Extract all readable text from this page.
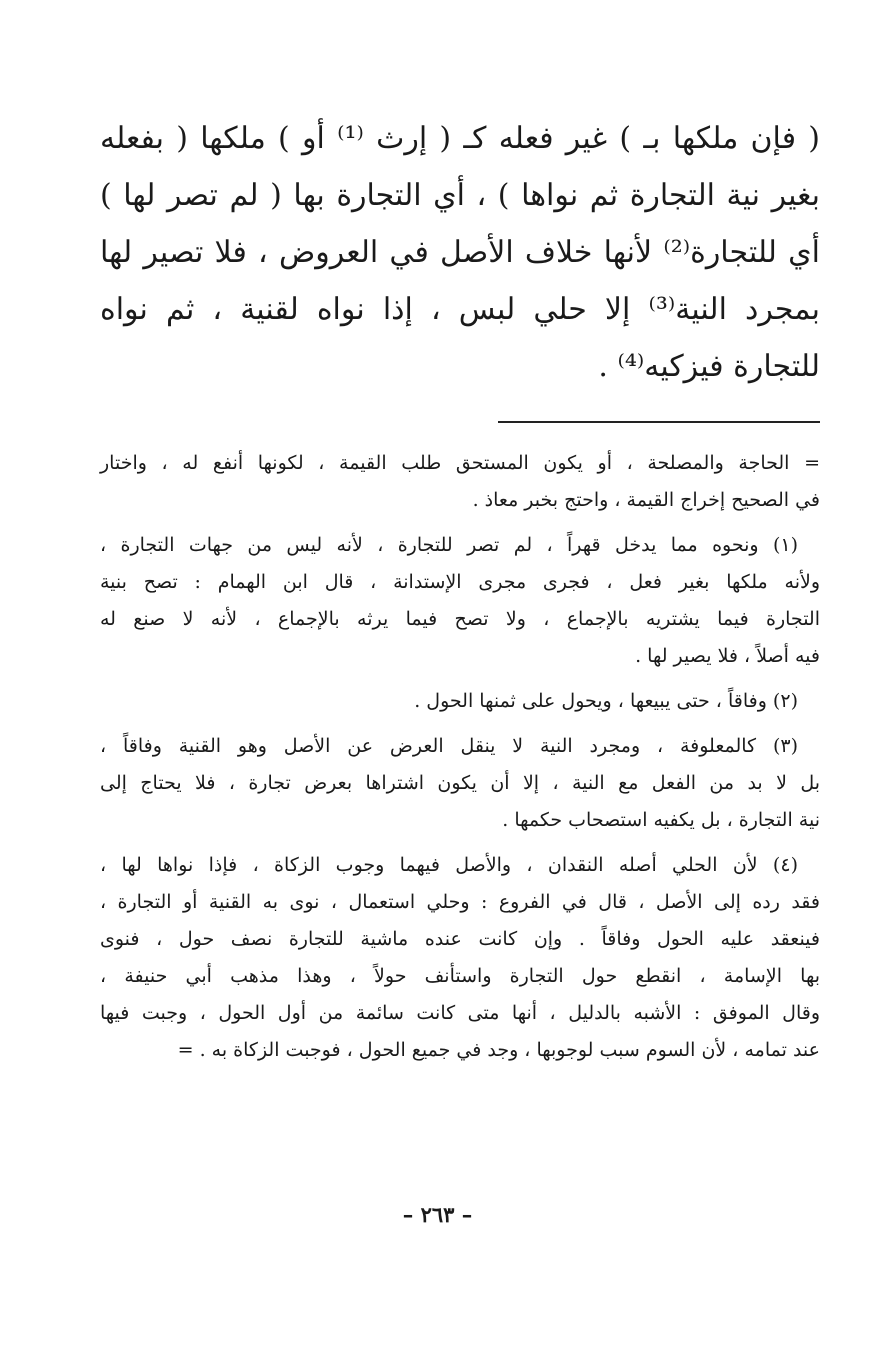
( فإن ملكها بـ ) غير فعله كـ ( إرث ⁽¹⁾ أو ) ملكها ( بفعله
بغير نية التجارة ثم نواها ) ، أي التجارة بها ( لم تصر لها )
أي للتجارة⁽²⁾ لأنها خلاف الأصل في العروض ، فلا تصير لها
بمجرد النية⁽³⁾ إلا حلي لبس ، إذا نواه لقنية ، ثم نواه
للتجارة فيزكيه⁽⁴⁾ .
= الحاجة والمصلحة ، أو يكون المستحق طلب القيمة ، لكونها أنفع له ، واختار
في الصحيح إخراج القيمة ، واحتج بخبر معاذ .
(١) ونحوه مما يدخل قهراً ، لم تصر للتجارة ، لأنه ليس من جهات التجارة ،
ولأنه ملكها بغير فعل ، فجرى مجرى الإستدانة ، قال ابن الهمام : تصح بنية
التجارة فيما يشتريه بالإجماع ، ولا تصح فيما يرثه بالإجماع ، لأنه لا صنع له
فيه أصلاً ، فلا يصير لها .
(٢) وفاقاً ، حتى يبيعها ، ويحول على ثمنها الحول .
(٣) كالمعلوفة ، ومجرد النية لا ينقل العرض عن الأصل وهو القنية وفاقاً ،
بل لا بد من الفعل مع النية ، إلا أن يكون اشتراها بعرض تجارة ، فلا يحتاج إلى
نية التجارة ، بل يكفيه استصحاب حكمها .
(٤) لأن الحلي أصله النقدان ، والأصل فيهما وجوب الزكاة ، فإذا نواها لها ،
فقد رده إلى الأصل ، قال في الفروع : وحلي استعمال ، نوى به القنية أو التجارة ،
فينعقد عليه الحول وفاقاً . وإن كانت عنده ماشية للتجارة نصف حول ، فنوى
بها الإسامة ، انقطع حول التجارة واستأنف حولاً ، وهذا مذهب أبي حنيفة ،
وقال الموفق : الأشبه بالدليل ، أنها متى كانت سائمة من أول الحول ، وجبت فيها
عند تمامه ، لأن السوم سبب لوجوبها ، وجد في جميع الحول ، فوجبت الزكاة به . =
– ٢٦٣ –
